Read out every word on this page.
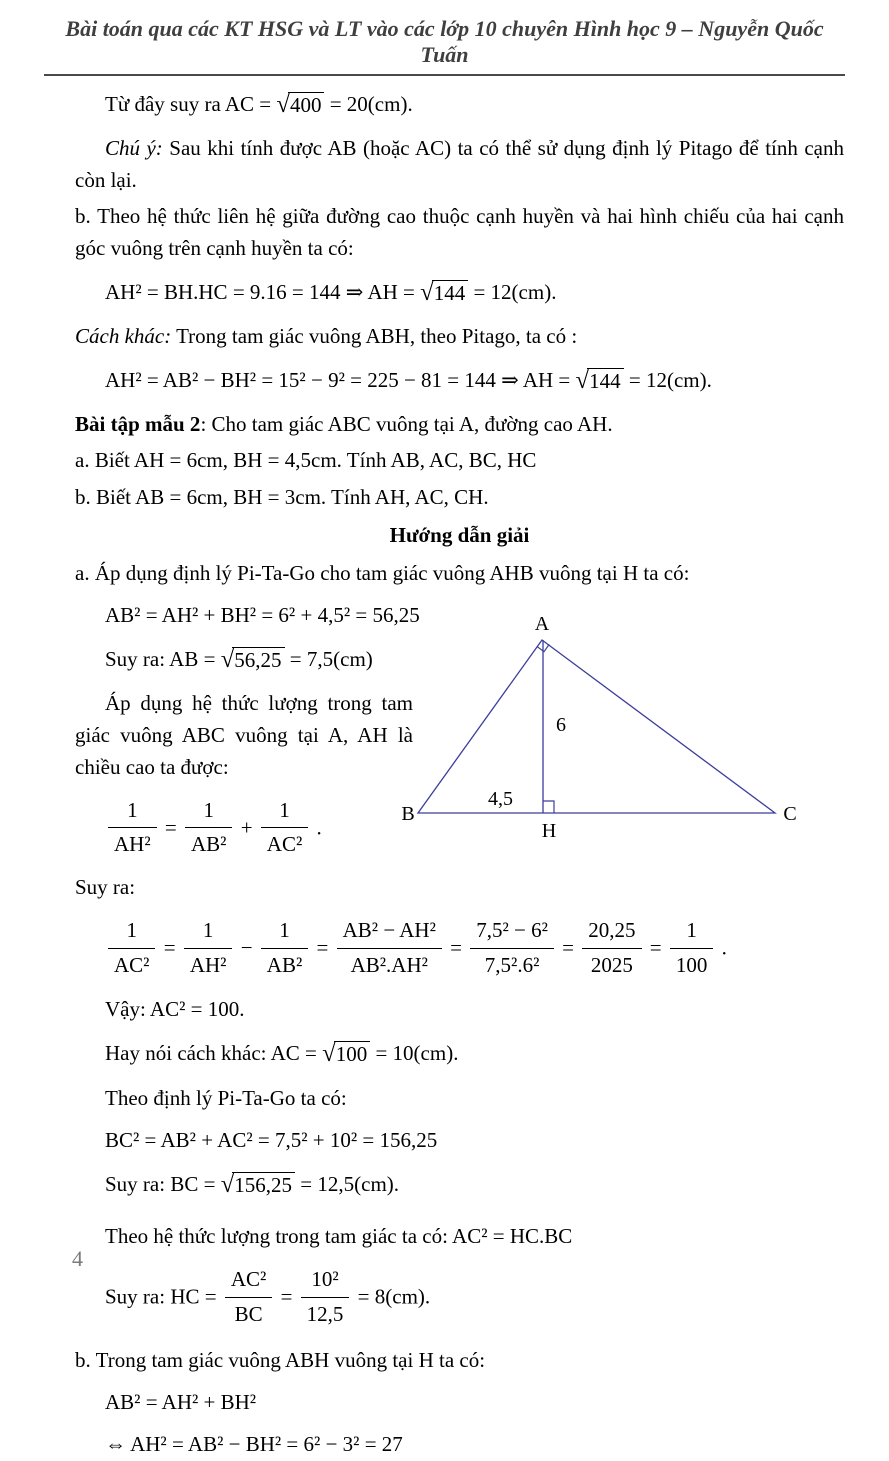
Bài toán qua các KT HSG và LT vào các lớp 10 chuyên Hình học 9 – Nguyễn Quốc Tuấn
Từ đây suy ra AC = √400 = 20(cm).

Chú ý: Sau khi tính được AB (hoặc AC) ta có thể sử dụng định lý Pitago để tính cạnh còn lại.

b. Theo hệ thức liên hệ giữa đường cao thuộc cạnh huyền và hai hình chiếu của hai cạnh góc vuông trên cạnh huyền ta có:

AH² = BH.HC = 9.16 = 144 ⇒ AH = √144 = 12(cm).

Cách khác: Trong tam giác vuông ABH, theo Pitago, ta có :

AH² = AB² − BH² = 15² − 9² = 225 − 81 = 144 ⇒ AH = √144 = 12(cm).

Bài tập mẫu 2: Cho tam giác ABC vuông tại A, đường cao AH.

a. Biết AH = 6cm, BH = 4,5cm. Tính AB, AC, BC, HC

b. Biết AB = 6cm, BH = 3cm. Tính AH, AC, CH.

Hướng dẫn giải

a. Áp dụng định lý Pi-Ta-Go cho tam giác vuông AHB vuông tại H ta có:

AB² = AH² + BH² = 6² + 4,5² = 56,25
Suy ra: AB = √56,25 = 7,5(cm)

Áp dụng hệ thức lượng trong tam giác vuông ABC vuông tại A, AH là chiều cao ta được:

$\frac{1}{\text{AH²}} = \frac{1}{\text{AB²}} + \frac{1}{\text{AC²}}$ .

Suy ra:

A
B	C
H
6
4,5
$\frac{1}{\text{AC²}} = \frac{1}{\text{AH²}} - \frac{1}{\text{AB²}} = \frac{\text{AB² − AH²}}{\text{AB².AH²}} = \frac{\text{7,5² − 6²}}{\text{7,5².6²}} = \frac{20,25}{2025} = \frac{1}{100}$ .
Vậy: AC² = 100.
Hay nói cách khác: AC = √100 = 10(cm).
Theo định lý Pi-Ta-Go ta có:
BC² = AB² + AC² = 7,5² + 10² = 156,25
Suy ra: BC = √156,25 = 12,5(cm).
Theo hệ thức lượng trong tam giác ta có: AC² = HC.BC
Suy ra: HC = $\frac{\text{AC²}}{BC} = \frac{\text{10²}}{12,5} = 8(cm)$.

b. Trong tam giác vuông ABH vuông tại H ta có:

AB² = AH² + BH²
⇔ AH² = AB² − BH² = 6² − 3² = 27
4
